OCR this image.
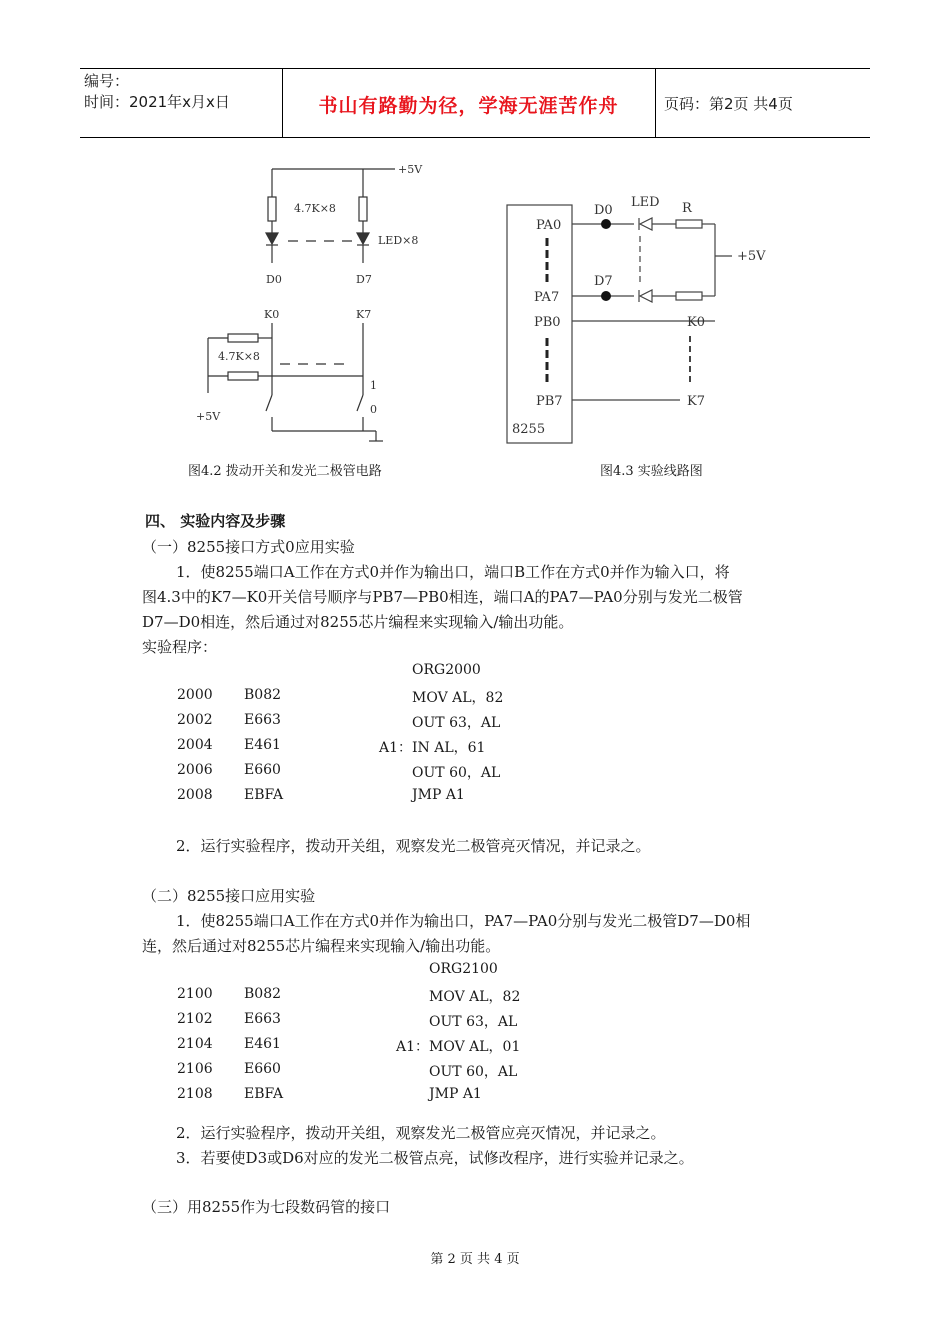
编号：
时间：2021年x月x日	书山有路勤为径，学海无涯苦作舟	页码：第2页 共4页
+5V
4.7K×8
LED×8
D0	D7
K0	K7
4.7K×8
+5V
1
0
图4.2 拨动开关和发光二极管电路
PA0
PA7
PB0
PB7
8255
D0
D7
LED R
+5V
K0
K7
图4.3 实验线路图
四、 实验内容及步骤
（一）8255接口方式0应用实验
1．使8255端口A工作在方式0并作为输出口，端口B工作在方式0并作为输入口，将
图4.3中的K7—K0开关信号顺序与PB7—PB0相连，端口A的PA7—PA0分别与发光二极管
D7—D0相连，然后通过对8255芯片编程来实现输入/输出功能。
实验程序：
ORG2000
2000 B082	MOV AL，82
2002 E663	OUT 63，AL
2004 E461	A1： IN AL，61
2006 E660	OUT 60，AL
2008 EBFA	JMP A1
2．运行实验程序，拨动开关组，观察发光二极管亮灭情况，并记录之。
（二）8255接口应用实验
1．使8255端口A工作在方式0并作为输出口，PA7—PA0分别与发光二极管D7—D0相
连，然后通过对8255芯片编程来实现输入/输出功能。
ORG2100
2100 B082	MOV AL，82
2102 E663	OUT 63，AL
2104 E461	A1： MOV AL，01
2106 E660	OUT 60，AL
2108 EBFA	JMP A1
2．运行实验程序，拨动开关组，观察发光二极管应亮灭情况，并记录之。
3．若要使D3或D6对应的发光二极管点亮，试修改程序，进行实验并记录之。
（三）用8255作为七段数码管的接口
第 2 页 共 4 页
